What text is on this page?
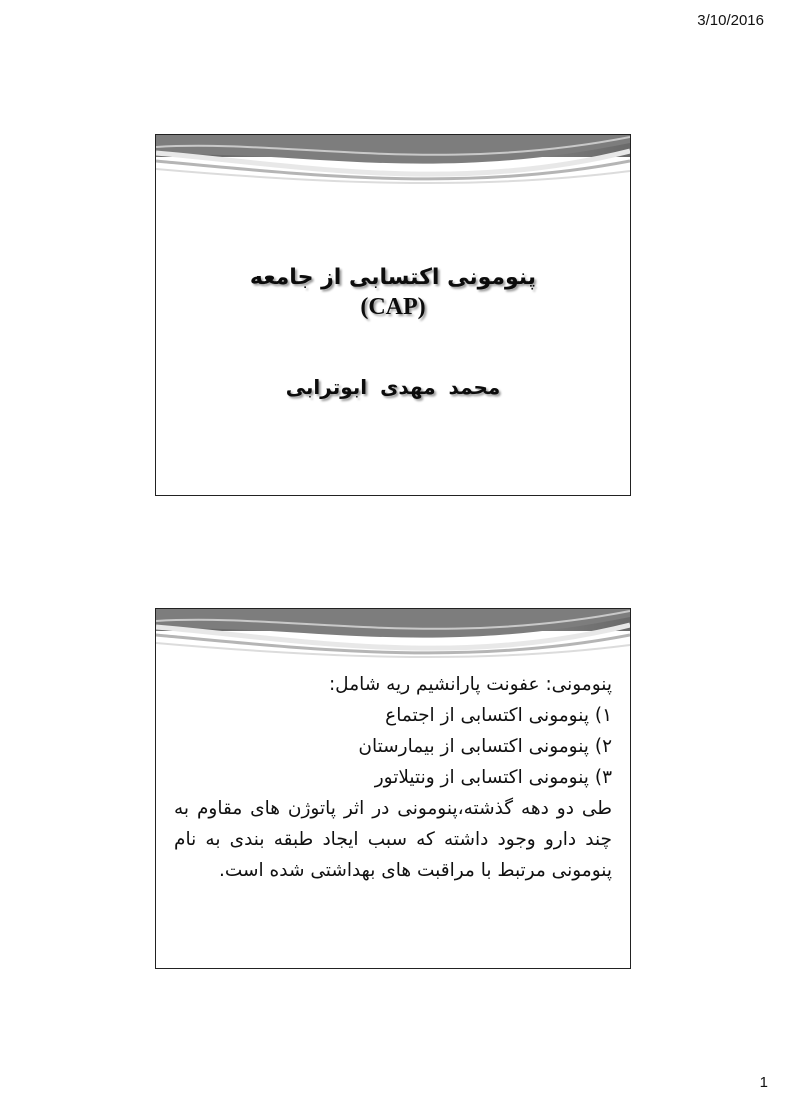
3/10/2016
پنومونی اکتسابی از جامعه
(CAP)
محمد مهدی ابوترابی
پنومونی: عفونت پارانشیم ریه شامل:
۱) پنومونی اکتسابی از اجتماع
۲) پنومونی اکتسابی از بیمارستان
۳) پنومونی اکتسابی از ونتیلاتور
طی دو دهه گذشته،پنومونی در اثر پاتوژن های مقاوم به چند دارو وجود داشته که سبب ایجاد طبقه بندی به نام پنومونی مرتبط با مراقبت های بهداشتی شده است.
1
